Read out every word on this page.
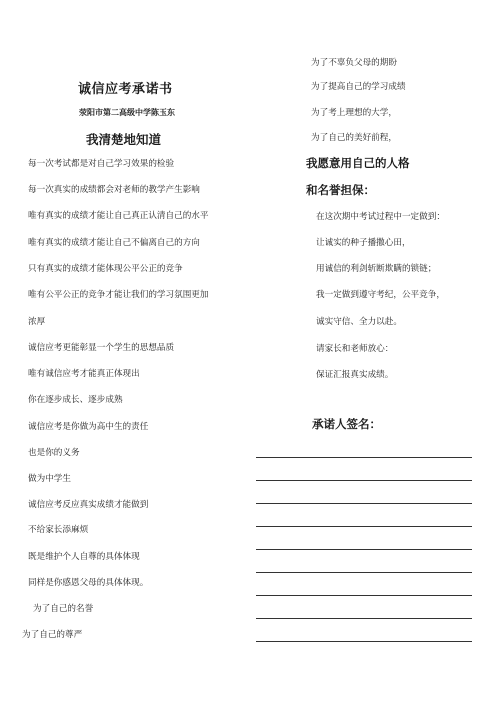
诚信应考承诺书
荥阳市第二高级中学陈玉东
我清楚地知道
每一次考试都是对自己学习效果的检验
每一次真实的成绩都会对老师的教学产生影响
唯有真实的成绩才能让自己真正认清自己的水平
唯有真实的成绩才能让自己不偏离自己的方向
只有真实的成绩才能体现公平公正的竞争
唯有公平公正的竞争才能让我们的学习氛围更加
浓厚
诚信应考更能彰显一个学生的思想品质
唯有诚信应考才能真正体现出
你在逐步成长、逐步成熟
诚信应考是你做为高中生的责任
也是你的义务
做为中学生
诚信应考反应真实成绩才能做到
不给家长添麻烦
既是维护个人自尊的具体体现
同样是你感恩父母的具体体现。
为了自己的名誉
为了自己的尊严
为了不辜负父母的期盼
为了提高自己的学习成绩
为了考上理想的大学，
为了自己的美好前程，
我愿意用自己的人格
和名誉担保：
在这次期中考试过程中一定做到：
让诚实的种子播撒心田，
用诚信的利剑斩断欺瞒的锁链；
我一定做到遵守考纪，公平竞争，
诚实守信、全力以赴。
请家长和老师放心：
保证汇报真实成绩。
承诺人签名：
